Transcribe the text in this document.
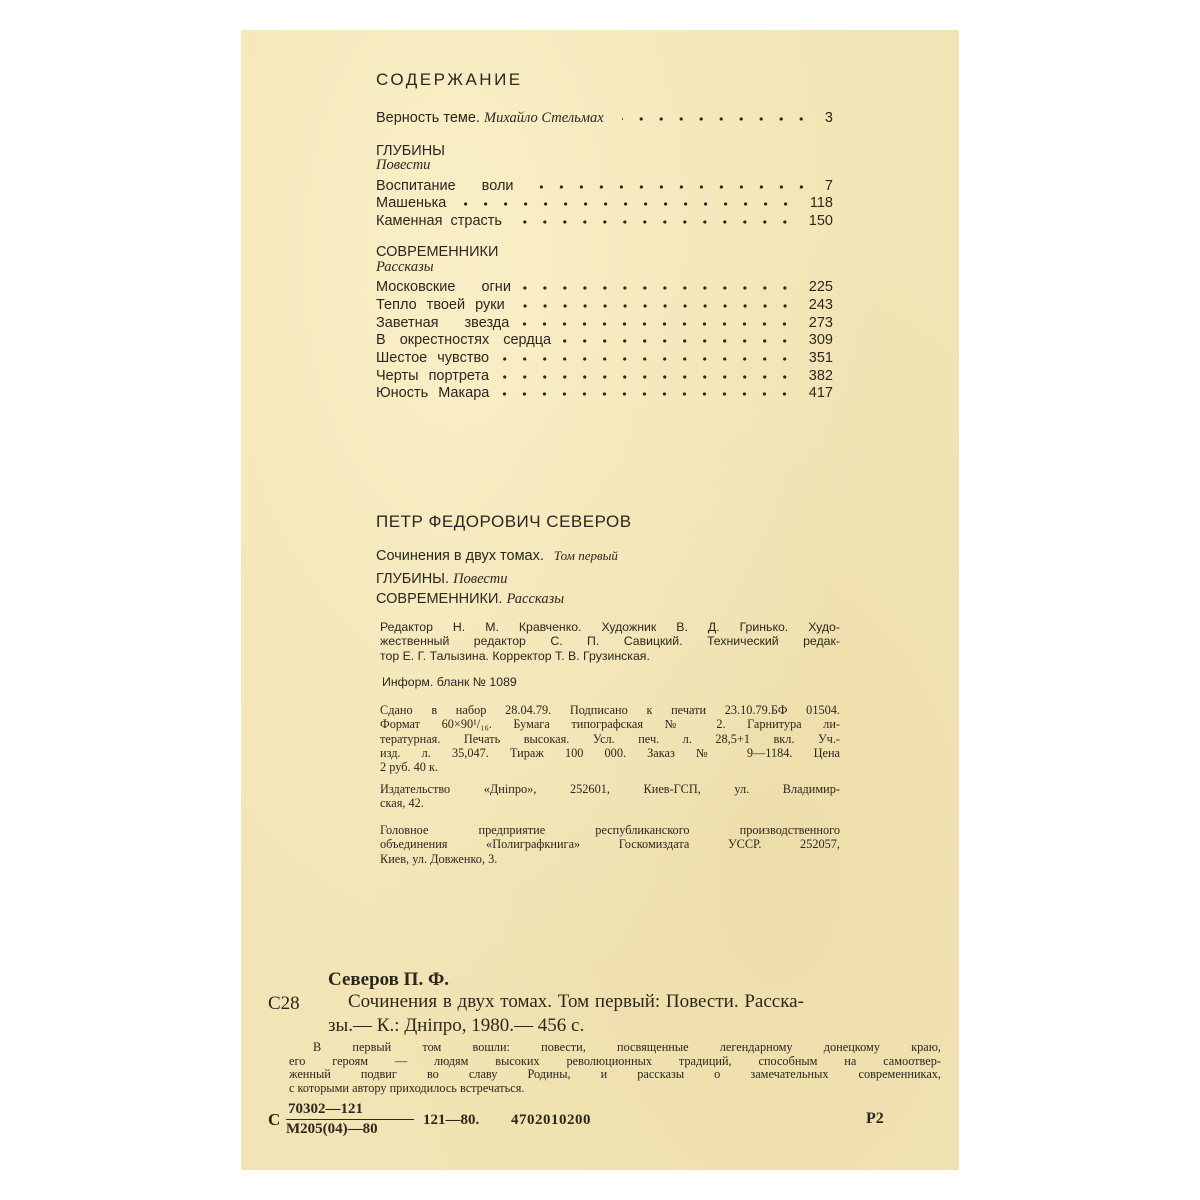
СОДЕРЖАНИЕ
Верность теме. Михайло Стельмах	3
ГЛУБИНЫ
Повести
Воспитание воли	7
Машенька	118
Каменная страсть	150
СОВРЕМЕННИКИ
Рассказы
Московские огни	225
Тепло твоей руки	243
Заветная звезда	273
В окрестностях сердца	309
Шестое чувство	351
Черты портрета	382
Юность Макара	417
ПЕТР ФЕДОРОВИЧ СЕВЕРОВ
Сочинения в двух томах. Том первый
ГЛУБИНЫ. Повести
СОВРЕМЕННИКИ. Рассказы
Редактор Н. М. Кравченко. Художник В. Д. Гринько. Худо-
жественный редактор С. П. Савицкий. Технический редак-
тор Е. Г. Талызина. Корректор Т. В. Грузинская.
Информ. бланк № 1089
Сдано в набор 28.04.79. Подписано к печати 23.10.79.БФ 01504.
Формат 60×90¹/₁₆. Бумага типографская № 2. Гарнитура ли-
тературная. Печать высокая. Усл. печ. л. 28,5+1 вкл. Уч.-
изд. л. 35,047. Тираж 100 000. Заказ № 9—1184. Цена
2 руб. 40 к.
Издательство «Дніпро», 252601, Киев-ГСП, ул. Владимир-
ская, 42.
Головное предприятие республиканского производственного
объединения «Полиграфкнига» Госкомиздата УССР. 252057,
Киев, ул. Довженко, 3.
Северов П. Ф.
С28	Сочинения в двух томах. Том первый: Повести. Расска-
зы.— К.: Дніпро, 1980.— 456 с.
В первый том вошли: повести, посвященные легендарному донецкому краю,
его героям — людям высоких революционных традиций, способным на самоотвер-
женный подвиг во славу Родины, и рассказы о замечательных современниках,
с которыми автору приходилось встречаться.
С
70302—121
М205(04)—80
121—80. 4702010200	Р2
